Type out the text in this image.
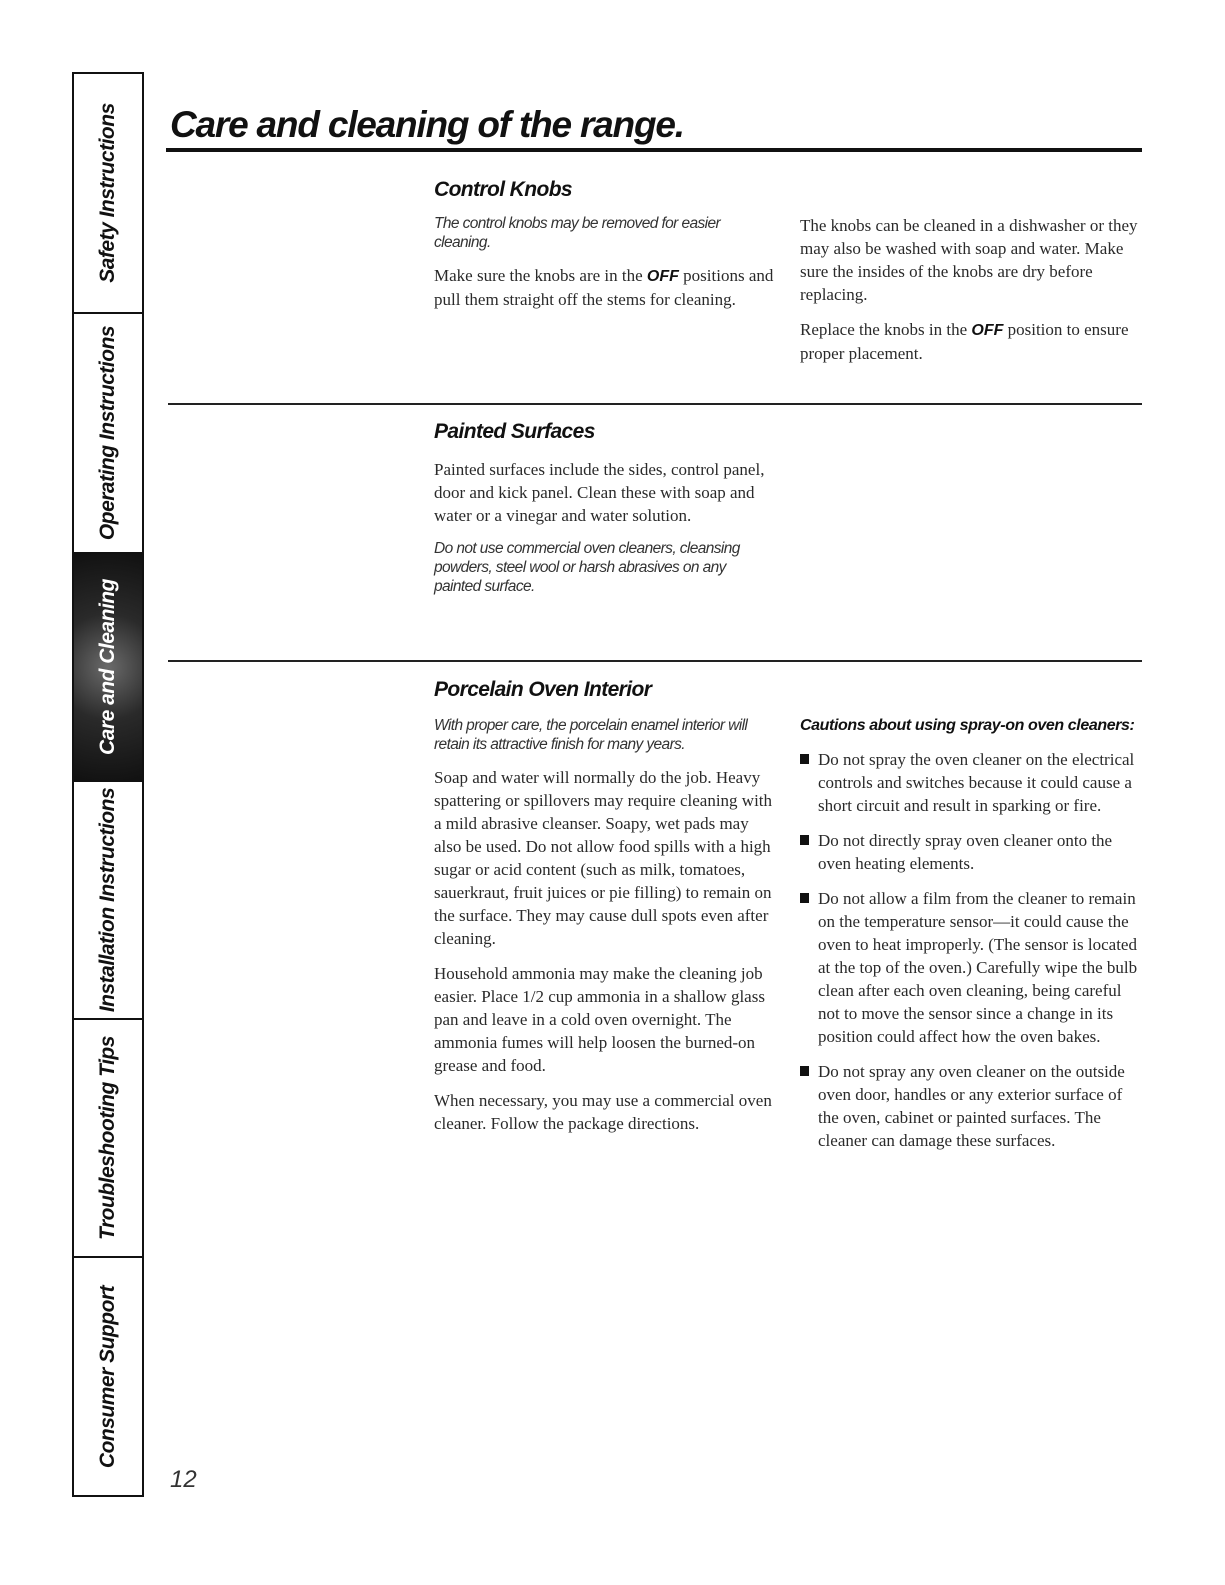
Safety Instructions
Operating Instructions
Care and Cleaning
Installation Instructions
Troubleshooting Tips
Consumer Support
Care and cleaning of the range.
Control Knobs

The control knobs may be removed for easier cleaning.

Make sure the knobs are in the OFF positions and pull them straight off the stems for cleaning.

The knobs can be cleaned in a dishwasher or they may also be washed with soap and water. Make sure the insides of the knobs are dry before replacing.

Replace the knobs in the OFF position to ensure proper placement.

Painted Surfaces

Painted surfaces include the sides, control panel, door and kick panel. Clean these with soap and water or a vinegar and water solution.

Do not use commercial oven cleaners, cleansing powders, steel wool or harsh abrasives on any painted surface.

Porcelain Oven Interior

With proper care, the porcelain enamel interior will retain its attractive finish for many years.

Soap and water will normally do the job. Heavy spattering or spillovers may require cleaning with a mild abrasive cleanser. Soapy, wet pads may also be used. Do not allow food spills with a high sugar or acid content (such as milk, tomatoes, sauerkraut, fruit juices or pie filling) to remain on the surface. They may cause dull spots even after cleaning.

Household ammonia may make the cleaning job easier. Place 1/2 cup ammonia in a shallow glass pan and leave in a cold oven overnight. The ammonia fumes will help loosen the burned-on grease and food.

When necessary, you may use a commercial oven cleaner. Follow the package directions.

Cautions about using spray-on oven cleaners:

Do not spray the oven cleaner on the electrical controls and switches because it could cause a short circuit and result in sparking or fire.
Do not directly spray oven cleaner onto the oven heating elements.
Do not allow a film from the cleaner to remain on the temperature sensor—it could cause the oven to heat improperly. (The sensor is located at the top of the oven.) Carefully wipe the bulb clean after each oven cleaning, being careful not to move the sensor since a change in its position could affect how the oven bakes.
Do not spray any oven cleaner on the outside oven door, handles or any exterior surface of the oven, cabinet or painted surfaces. The cleaner can damage these surfaces.
12
